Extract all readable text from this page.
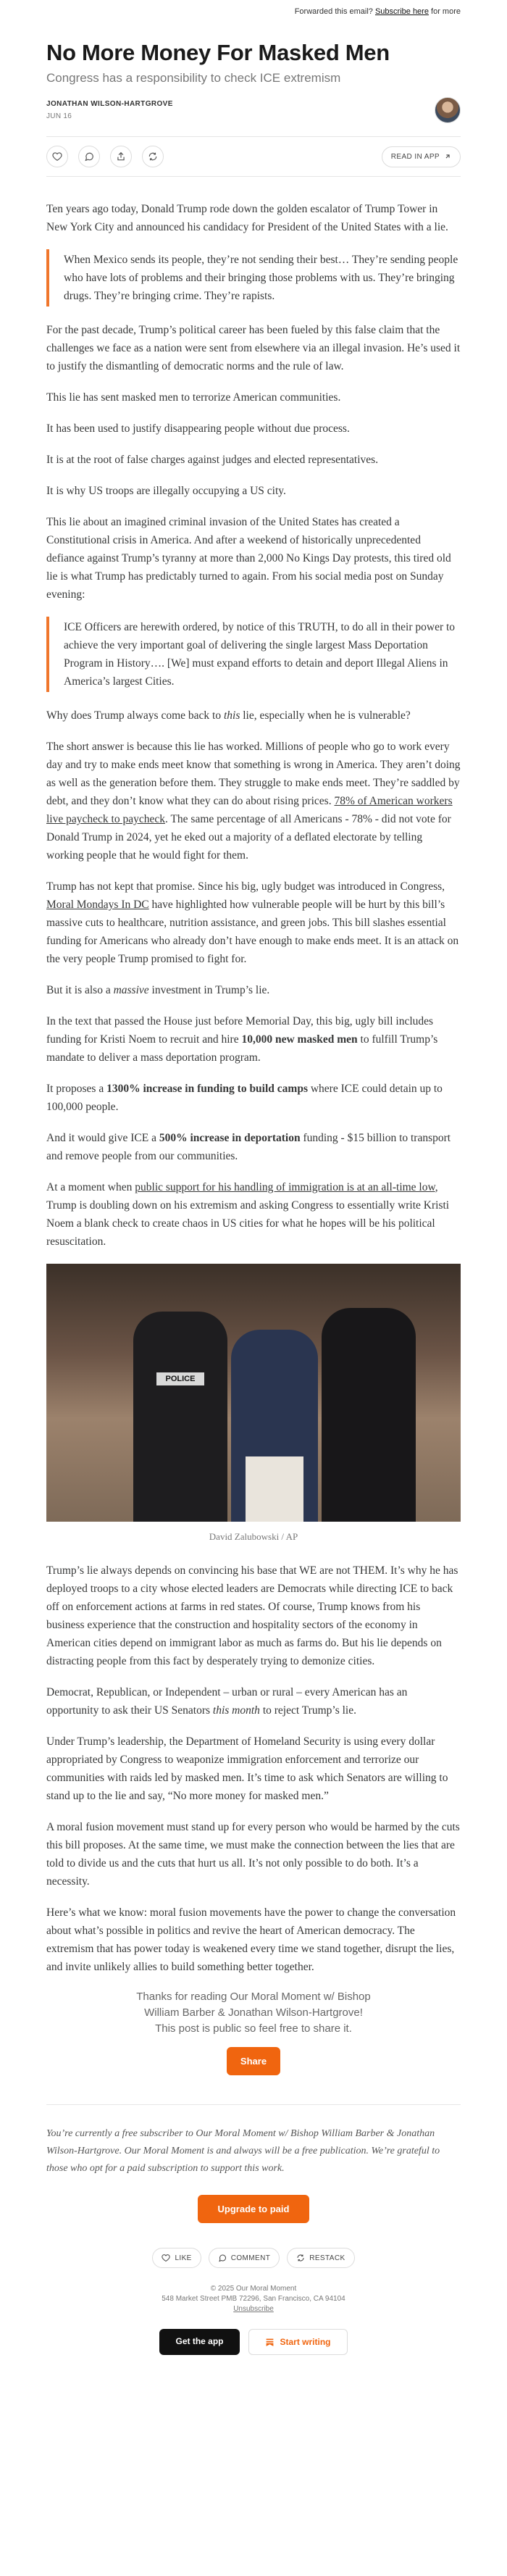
Forwarded this email? Subscribe here for more
No More Money For Masked Men
Congress has a responsibility to check ICE extremism
JONATHAN WILSON-HARTGROVE
JUN 16
READ IN APP

Ten years ago today, Donald Trump rode down the golden escalator of Trump Tower in New York City and announced his candidacy for President of the United States with a lie.

When Mexico sends its people, they’re not sending their best… They’re sending people who have lots of problems and their bringing those problems with us. They’re bringing drugs. They’re bringing crime. They’re rapists.

For the past decade, Trump’s political career has been fueled by this false claim that the challenges we face as a nation were sent from elsewhere via an illegal invasion. He’s used it to justify the dismantling of democratic norms and the rule of law.

This lie has sent masked men to terrorize American communities.

It has been used to justify disappearing people without due process.

It is at the root of false charges against judges and elected representatives.

It is why US troops are illegally occupying a US city.

This lie about an imagined criminal invasion of the United States has created a Constitutional crisis in America. And after a weekend of historically unprecedented defiance against Trump’s tyranny at more than 2,000 No Kings Day protests, this tired old lie is what Trump has predictably turned to again. From his social media post on Sunday evening:

ICE Officers are herewith ordered, by notice of this TRUTH, to do all in their power to achieve the very important goal of delivering the single largest Mass Deportation Program in History…. [We] must expand efforts to detain and deport Illegal Aliens in America’s largest Cities.

Why does Trump always come back to this lie, especially when he is vulnerable?

The short answer is because this lie has worked. Millions of people who go to work every day and try to make ends meet know that something is wrong in America. They aren’t doing as well as the generation before them. They struggle to make ends meet. They’re saddled by debt, and they don’t know what they can do about rising prices. 78% of American workers live paycheck to paycheck. The same percentage of all Americans - 78% - did not vote for Donald Trump in 2024, yet he eked out a majority of a deflated electorate by telling working people that he would fight for them.

Trump has not kept that promise. Since his big, ugly budget was introduced in Congress, Moral Mondays In DC have highlighted how vulnerable people will be hurt by this bill’s massive cuts to healthcare, nutrition assistance, and green jobs. This bill slashes essential funding for Americans who already don’t have enough to make ends meet. It is an attack on the very people Trump promised to fight for.

But it is also a massive investment in Trump’s lie.

In the text that passed the House just before Memorial Day, this big, ugly bill includes funding for Kristi Noem to recruit and hire 10,000 new masked men to fulfill Trump’s mandate to deliver a mass deportation program.

It proposes a 1300% increase in funding to build camps where ICE could detain up to 100,000 people.

And it would give ICE a 500% increase in deportation funding - $15 billion to transport and remove people from our communities.

At a moment when public support for his handling of immigration is at an all-time low, Trump is doubling down on his extremism and asking Congress to essentially write Kristi Noem a blank check to create chaos in US cities for what he hopes will be his political resuscitation.

POLICE
David Zalubowski / AP

Trump’s lie always depends on convincing his base that WE are not THEM. It’s why he has deployed troops to a city whose elected leaders are Democrats while directing ICE to back off on enforcement actions at farms in red states. Of course, Trump knows from his business experience that the construction and hospitality sectors of the economy in American cities depend on immigrant labor as much as farms do. But his lie depends on distracting people from this fact by desperately trying to demonize cities.

Democrat, Republican, or Independent – urban or rural – every American has an opportunity to ask their US Senators this month to reject Trump’s lie.

Under Trump’s leadership, the Department of Homeland Security is using every dollar appropriated by Congress to weaponize immigration enforcement and terrorize our communities with raids led by masked men. It’s time to ask which Senators are willing to stand up to the lie and say, “No more money for masked men.”

A moral fusion movement must stand up for every person who would be harmed by the cuts this bill proposes. At the same time, we must make the connection between the lies that are told to divide us and the cuts that hurt us all. It’s not only possible to do both. It’s a necessity.

Here’s what we know: moral fusion movements have the power to change the conversation about what’s possible in politics and revive the heart of American democracy. The extremism that has power today is weakened every time we stand together, disrupt the lies, and invite unlikely allies to build something better together.

Thanks for reading Our Moral Moment w/ Bishop William Barber & Jonathan Wilson-Hartgrove! This post is public so feel free to share it.
Share

You’re currently a free subscriber to Our Moral Moment w/ Bishop William Barber & Jonathan Wilson-Hartgrove. Our Moral Moment is and always will be a free publication. We’re grateful to those who opt for a paid subscription to support this work.

Upgrade to paid
LIKE	COMMENT	RESTACK
© 2025 Our Moral Moment
548 Market Street PMB 72296, San Francisco, CA 94104
Unsubscribe
Get the app	Start writing
